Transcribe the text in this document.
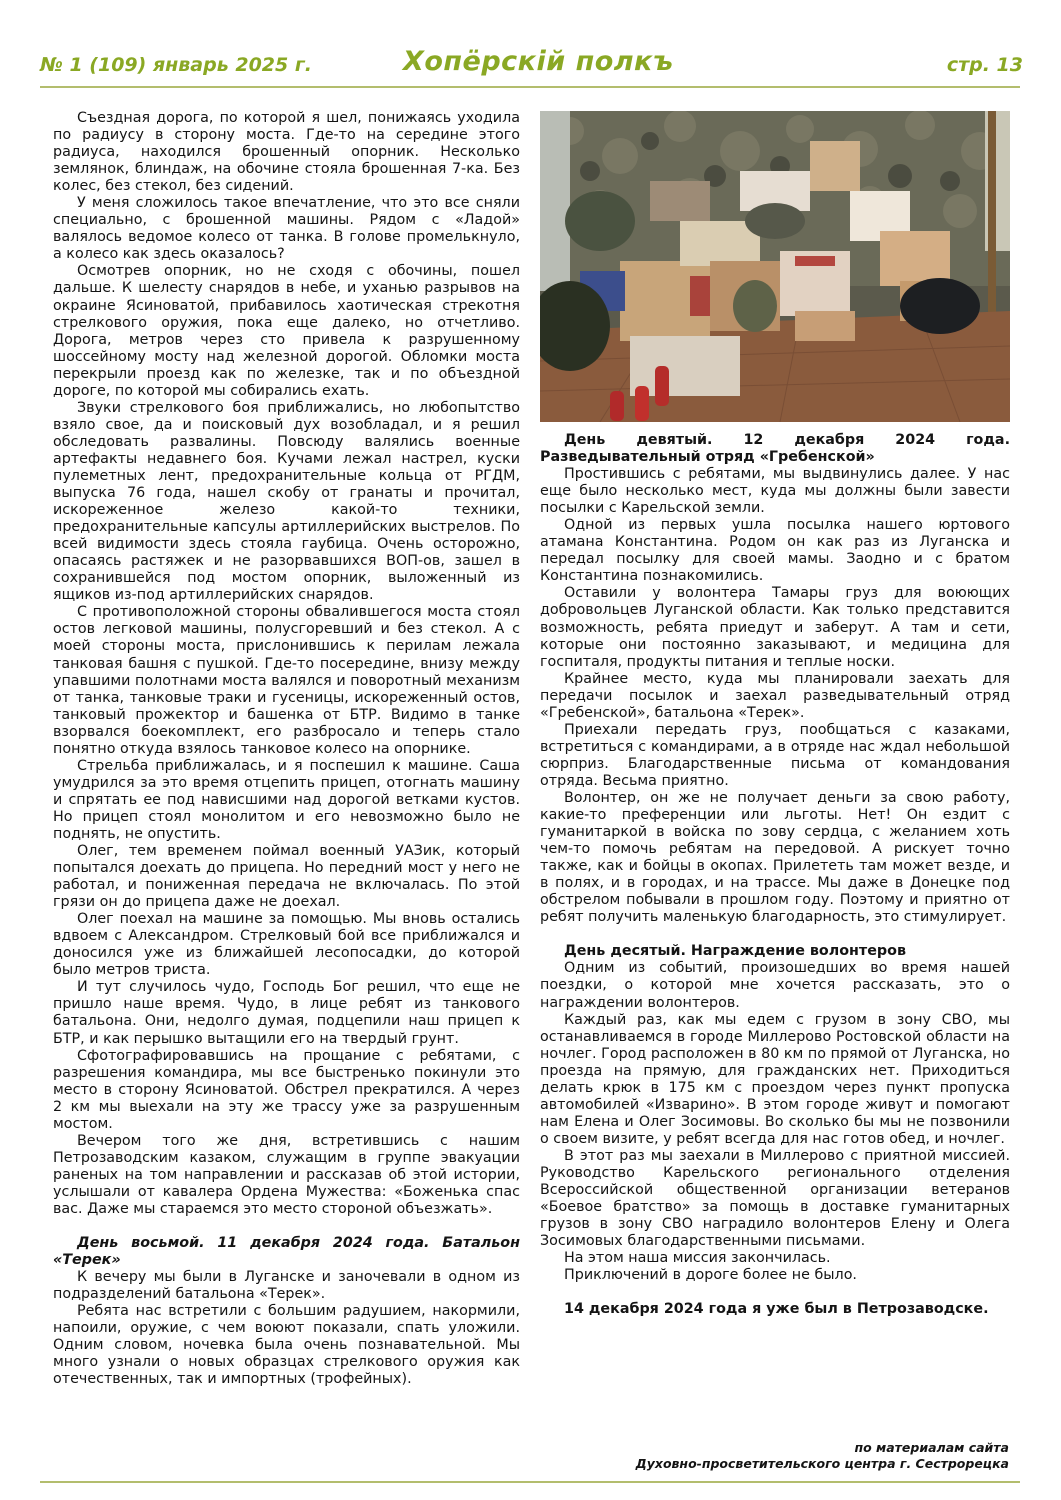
№ 1 (109) январь 2025 г.	Хопёрскiй полкъ	стр. 13

Съездная дорога, по которой я шел, понижаясь уходила по радиусу в сторону моста. Где-то на середине этого радиуса, находился брошенный опорник. Несколько землянок, блиндаж, на обочине стояла брошенная 7-ка. Без колес, без стекол, без сидений.

У меня сложилось такое впечатление, что это все сняли специально, с брошенной машины. Рядом с «Ладой» валялось ведомое колесо от танка. В голове промелькнуло, а колесо как здесь оказалось?

Осмотрев опорник, но не сходя с обочины, пошел дальше. К шелесту снарядов в небе, и уханью разрывов на окраине Ясиноватой, прибавилось хаотическая стрекотня стрелкового оружия, пока еще далеко, но отчетливо. Дорога, метров через сто привела к разрушенному шоссейному мосту над железной дорогой. Обломки моста перекрыли проезд как по железке, так и по объездной дороге, по которой мы собирались ехать.

Звуки стрелкового боя приближались, но любопытство взяло свое, да и поисковый дух возобладал, и я решил обследовать развалины. Повсюду валялись военные артефакты недавнего боя. Кучами лежал настрел, куски пулеметных лент, предохранительные кольца от РГДМ, выпуска 76 года, нашел скобу от гранаты и прочитал, искореженное железо какой-то техники, предохранительные капсулы артиллерийских выстрелов. По всей видимости здесь стояла гаубица. Очень осторожно, опасаясь растяжек и не разорвавшихся ВОП-ов, зашел в сохранившейся под мостом опорник, выложенный из ящиков из-под артиллерийских снарядов.

С противоположной стороны обвалившегося моста стоял остов легковой машины, полусгоревший и без стекол. А с моей стороны моста, прислонившись к перилам лежала танковая башня с пушкой. Где-то посередине, внизу между упавшими полотнами моста валялся и поворотный механизм от танка, танковые траки и гусеницы, искореженный остов, танковый прожектор и башенка от БТР. Видимо в танке взорвался боекомплект, его разбросало и теперь стало понятно откуда взялось танковое колесо на опорнике.

Стрельба приближалась, и я поспешил к машине. Саша умудрился за это время отцепить прицеп, отогнать машину и спрятать ее под нависшими над дорогой ветками кустов. Но прицеп стоял монолитом и его невозможно было не поднять, не опустить.

Олег, тем временем поймал военный УАЗик, который попытался доехать до прицепа. Но передний мост у него не работал, и пониженная передача не включалась. По этой грязи он до прицепа даже не доехал.

Олег поехал на машине за помощью. Мы вновь остались вдвоем с Александром. Стрелковый бой все приближался и доносился уже из ближайшей лесопосадки, до которой было метров триста.

И тут случилось чудо, Господь Бог решил, что еще не пришло наше время. Чудо, в лице ребят из танкового батальона. Они, недолго думая, подцепили наш прицеп к БТР, и как перышко вытащили его на твердый грунт.

Сфотографировавшись на прощание с ребятами, с разрешения командира, мы все быстренько покинули это место в сторону Ясиноватой. Обстрел прекратился. А через 2 км мы выехали на эту же трассу уже за разрушенным мостом.

Вечером того же дня, встретившись с нашим Петрозаводским казаком, служащим в группе эвакуации раненых на том направлении и рассказав об этой истории, услышали от кавалера Ордена Мужества: «Боженька спас вас. Даже мы стараемся это место стороной объезжать».

День восьмой. 11 декабря 2024 года. Батальон «Терек»

К вечеру мы были в Луганске и заночевали в одном из подразделений батальона «Терек».

Ребята нас встретили с большим радушием, накормили, напоили, оружие, с чем воюют показали, спать уложили. Одним словом, ночевка была очень познавательной. Мы много узнали о новых образцах стрелкового оружия как отечественных, так и импортных (трофейных).

День девятый. 12 декабря 2024 года. Разведывательный отряд «Гребенской»

Простившись с ребятами, мы выдвинулись далее. У нас еще было несколько мест, куда мы должны были завести посылки с Карельской земли.

Одной из первых ушла посылка нашего юртового атамана Константина. Родом он как раз из Луганска и передал посылку для своей мамы. Заодно и с братом Константина познакомились.

Оставили у волонтера Тамары груз для воюющих добровольцев Луганской области. Как только представится возможность, ребята приедут и заберут. А там и сети, которые они постоянно заказывают, и медицина для госпиталя, продукты питания и теплые носки.

Крайнее место, куда мы планировали заехать для передачи посылок и заехал разведывательный отряд «Гребенской», батальона «Терек».

Приехали передать груз, пообщаться с казаками, встретиться с командирами, а в отряде нас ждал небольшой сюрприз. Благодарственные письма от командования отряда. Весьма приятно.

Волонтер, он же не получает деньги за свою работу, какие-то преференции или льготы. Нет! Он ездит с гуманитаркой в войска по зову сердца, с желанием хоть чем-то помочь ребятам на передовой. А рискует точно также, как и бойцы в окопах. Прилететь там может везде, и в полях, и в городах, и на трассе. Мы даже в Донецке под обстрелом побывали в прошлом году. Поэтому и приятно от ребят получить маленькую благодарность, это стимулирует.

День десятый. Награждение волонтеров

Одним из событий, произошедших во время нашей поездки, о которой мне хочется рассказать, это о награждении волонтеров.

Каждый раз, как мы едем с грузом в зону СВО, мы останавливаемся в городе Миллерово Ростовской области на ночлег. Город расположен в 80 км по прямой от Луганска, но проезда на прямую, для гражданских нет. Приходиться делать крюк в 175 км с проездом через пункт пропуска автомобилей «Изварино». В этом городе живут и помогают нам Елена и Олег Зосимовы. Во сколько бы мы не позвонили о своем визите, у ребят всегда для нас готов обед, и ночлег.

В этот раз мы заехали в Миллерово с приятной миссией. Руководство Карельского регионального отделения Всероссийской общественной организации ветеранов «Боевое братство» за помощь в доставке гуманитарных грузов в зону СВО наградило волонтеров Елену и Олега Зосимовых благодарственными письмами.

На этом наша миссия закончилась.

Приключений в дороге более не было.

14 декабря 2024 года я уже был в Петрозаводске.

по материалам сайта
Духовно-просветительского центра г. Сестрорецка
